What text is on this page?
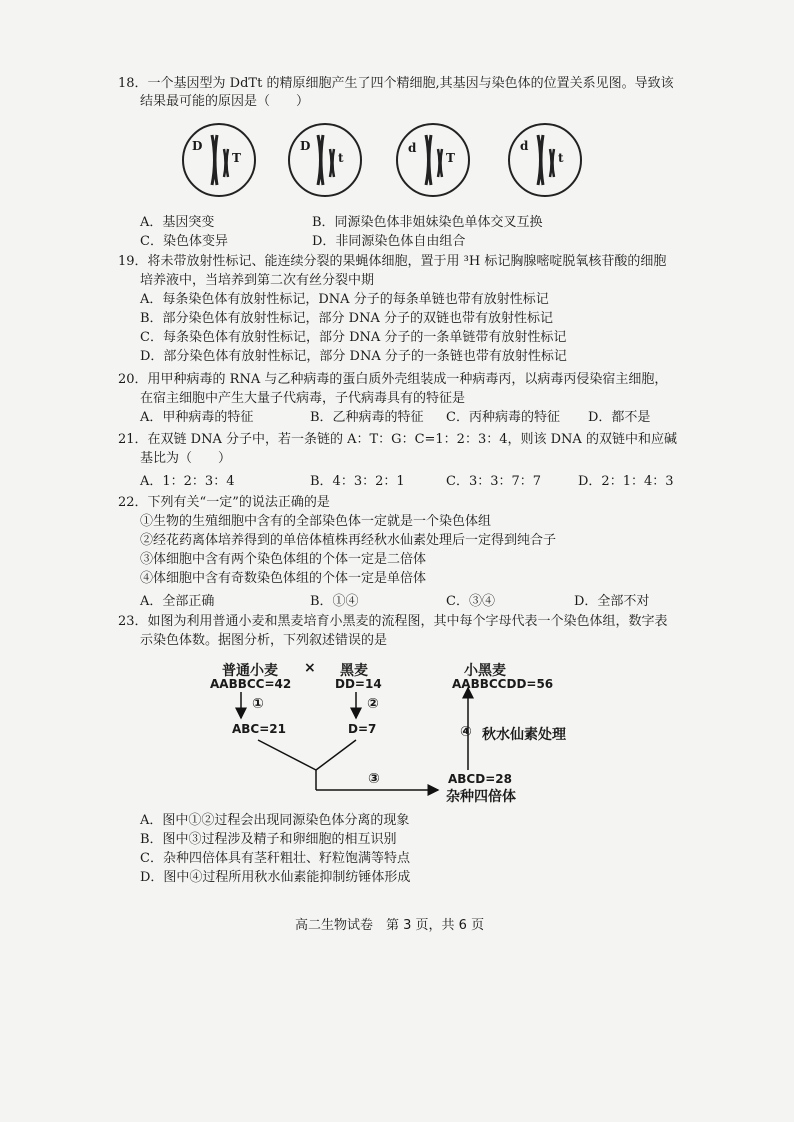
18．一个基因型为 DdTt 的精原细胞产生了四个精细胞,其基因与染色体的位置关系见图。导致该
结果最可能的原因是（　　）
D
T
D
t
d
T
d
t
A．基因突变	B．同源染色体非姐妹染色单体交叉互换
C．染色体变异	D．非同源染色体自由组合
19．将未带放射性标记、能连续分裂的果蝇体细胞，置于用 ³H 标记胸腺嘧啶脱氧核苷酸的细胞
培养液中，当培养到第二次有丝分裂中期
A．每条染色体有放射性标记，DNA 分子的每条单链也带有放射性标记
B．部分染色体有放射性标记，部分 DNA 分子的双链也带有放射性标记
C．每条染色体有放射性标记，部分 DNA 分子的一条单链带有放射性标记
D．部分染色体有放射性标记，部分 DNA 分子的一条链也带有放射性标记
20．用甲种病毒的 RNA 与乙种病毒的蛋白质外壳组装成一种病毒丙，以病毒丙侵染宿主细胞，
在宿主细胞中产生大量子代病毒，子代病毒具有的特征是
A．甲种病毒的特征	B．乙种病毒的特征 C．丙种病毒的特征 D．都不是
21．在双链 DNA 分子中，若一条链的 A：T：G：C=1：2：3：4，则该 DNA 的双链中和应碱
基比为（　　）
A．1：2：3：4	B．4：3：2：1	C．3：3：7：7	D．2：1：4：3
22．下列有关“一定”的说法正确的是
①生物的生殖细胞中含有的全部染色体一定就是一个染色体组
②经花药离体培养得到的单倍体植株再经秋水仙素处理后一定得到纯合子
③体细胞中含有两个染色体组的个体一定是二倍体
④体细胞中含有奇数染色体组的个体一定是单倍体
A．全部正确	B．①④	C．③④	D．全部不对
23．如图为利用普通小麦和黑麦培育小黑麦的流程图，其中每个字母代表一个染色体组，数字表
示染色体数。据图分析，下列叙述错误的是
普通小麦 × 黑麦	小黑麦
AABBCC=42	DD=14	AABBCCDD=56
①	②
ABC=21	D=7	④ 秋水仙素处理
③	ABCD=28
杂种四倍体
A．图中①②过程会出现同源染色体分离的现象
B．图中③过程涉及精子和卵细胞的相互识别
C．杂种四倍体具有茎秆粗壮、籽粒饱满等特点
D．图中④过程所用秋水仙素能抑制纺锤体形成
高二生物试卷　第 3 页，共 6 页
